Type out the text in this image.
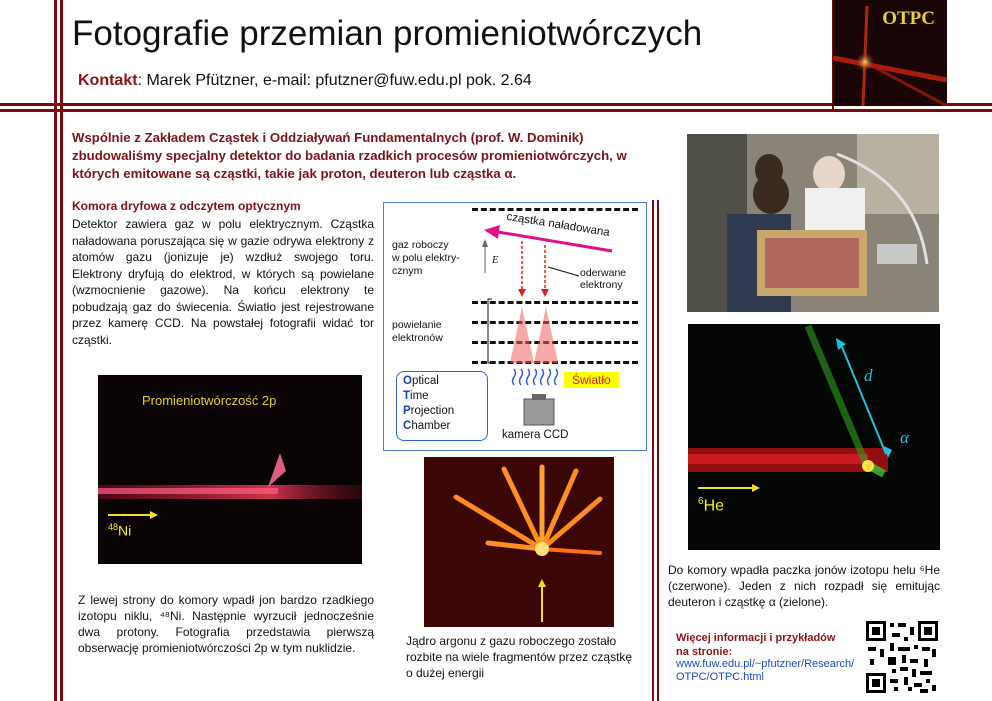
Fotografie przemian promieniotwórczych
Kontakt: Marek Pfützner, e-mail: pfutzner@fuw.edu.pl pok. 2.64
OTPC
Wspólnie z Zakładem Cząstek i Oddziaływań Fundamentalnych (prof. W. Dominik) zbudowaliśmy specjalny detektor do badania rzadkich procesów promieniotwórczych, w których emitowane są cząstki, takie jak proton, deuteron lub cząstka α.
Komora dryfowa z odczytem optycznym
Detektor zawiera gaz w polu elektrycznym. Cząstka naładowana poruszająca się w gazie odrywa elektrony z atomów gazu (jonizuje je) wzdłuż swojego toru. Elektrony dryfują do elektrod, w których są powielane (wzmocnienie gazowe). Na końcu elektrony te pobudzają gaz do świecenia. Światło jest rejestrowane przez kamerę CCD. Na powstałej fotografii widać tor cząstki.
Promieniotwórczość 2p
$^{48}$Ni
Z lewej strony do komory wpadł jon bardzo rzadkiego izotopu niklu, ⁴⁸Ni. Następnie wyrzucił jednocześnie dwa protony. Fotografia przedstawia pierwszą obserwację promieniotwórczości 2p w tym nuklidzie.
cząstka naładowana
gaz roboczy
w polu elektry-
cznym
E
oderwane
elektrony
powielanie
elektronów
Światło
Optical
Time
Projection
Chamber
kamera CCD
Jądro argonu z gazu roboczego zostało rozbite na wiele fragmentów przez cząstkę o dużej energii
d
α
$^6$He
Do komory wpadła paczka jonów izotopu helu ⁶He (czerwone). Jeden z nich rozpadł się emitując deuteron i cząstkę α (zielone).
Więcej informacji i przykładów
na stronie:
www.fuw.edu.pl/~pfutzner/Research/
OTPC/OTPC.html
